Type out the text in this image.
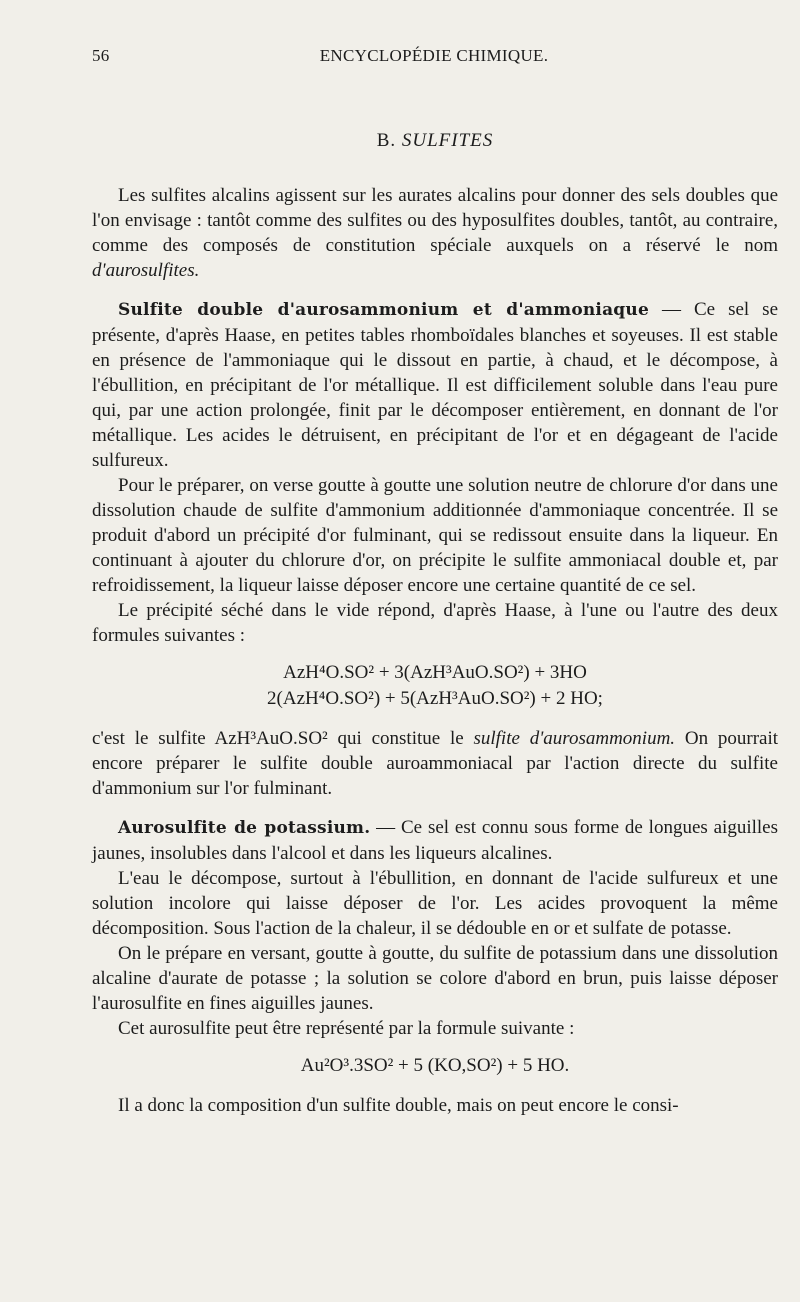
56	ENCYCLOPÉDIE CHIMIQUE.
B. SULFITES

Les sulfites alcalins agissent sur les aurates alcalins pour donner des sels doubles que l'on envisage : tantôt comme des sulfites ou des hyposulfites doubles, tantôt, au contraire, comme des composés de constitution spéciale auxquels on a réservé le nom d'aurosulfites.

Sulfite double d'aurosammonium et d'ammoniaque — Ce sel se présente, d'après Haase, en petites tables rhomboïdales blanches et soyeuses. Il est stable en présence de l'ammoniaque qui le dissout en partie, à chaud, et le décompose, à l'ébullition, en précipitant de l'or métallique. Il est difficilement soluble dans l'eau pure qui, par une action prolongée, finit par le décomposer entièrement, en donnant de l'or métallique. Les acides le détruisent, en précipitant de l'or et en dégageant de l'acide sulfureux.

Pour le préparer, on verse goutte à goutte une solution neutre de chlorure d'or dans une dissolution chaude de sulfite d'ammonium additionnée d'ammoniaque concentrée. Il se produit d'abord un précipité d'or fulminant, qui se redissout ensuite dans la liqueur. En continuant à ajouter du chlorure d'or, on précipite le sulfite ammoniacal double et, par refroidissement, la liqueur laisse déposer encore une certaine quantité de ce sel.

Le précipité séché dans le vide répond, d'après Haase, à l'une ou l'autre des deux formules suivantes :

AzH⁴O.SO² + 3(AzH³AuO.SO²) + 3HO
2(AzH⁴O.SO²) + 5(AzH³AuO.SO²) + 2 HO;

c'est le sulfite AzH³AuO.SO² qui constitue le sulfite d'aurosammonium. On pourrait encore préparer le sulfite double auroammoniacal par l'action directe du sulfite d'ammonium sur l'or fulminant.

Aurosulfite de potassium. — Ce sel est connu sous forme de longues aiguilles jaunes, insolubles dans l'alcool et dans les liqueurs alcalines.

L'eau le décompose, surtout à l'ébullition, en donnant de l'acide sulfureux et une solution incolore qui laisse déposer de l'or. Les acides provoquent la même décomposition. Sous l'action de la chaleur, il se dédouble en or et sulfate de potasse.

On le prépare en versant, goutte à goutte, du sulfite de potassium dans une dissolution alcaline d'aurate de potasse ; la solution se colore d'abord en brun, puis laisse déposer l'aurosulfite en fines aiguilles jaunes.

Cet aurosulfite peut être représenté par la formule suivante :

Au²O³.3SO² + 5 (KO,SO²) + 5 HO.

Il a donc la composition d'un sulfite double, mais on peut encore le consi-
